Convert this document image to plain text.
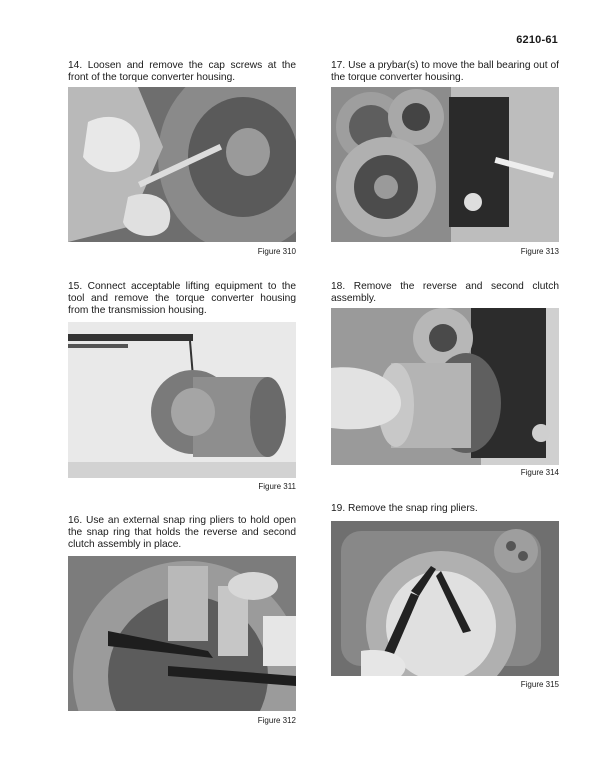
6210-61
14. Loosen and remove the cap screws at the front of the torque converter housing.
Figure 310
17. Use a prybar(s) to move the ball bearing out of the torque converter housing.
Figure 313
15. Connect acceptable lifting equipment to the tool and remove the torque converter housing from the transmission housing.
Figure 311
18. Remove the reverse and second clutch assembly.
Figure 314
16. Use an external snap ring pliers to hold open the snap ring that holds the reverse and second clutch assembly in place.
Figure 312
19. Remove the snap ring pliers.
Figure 315
